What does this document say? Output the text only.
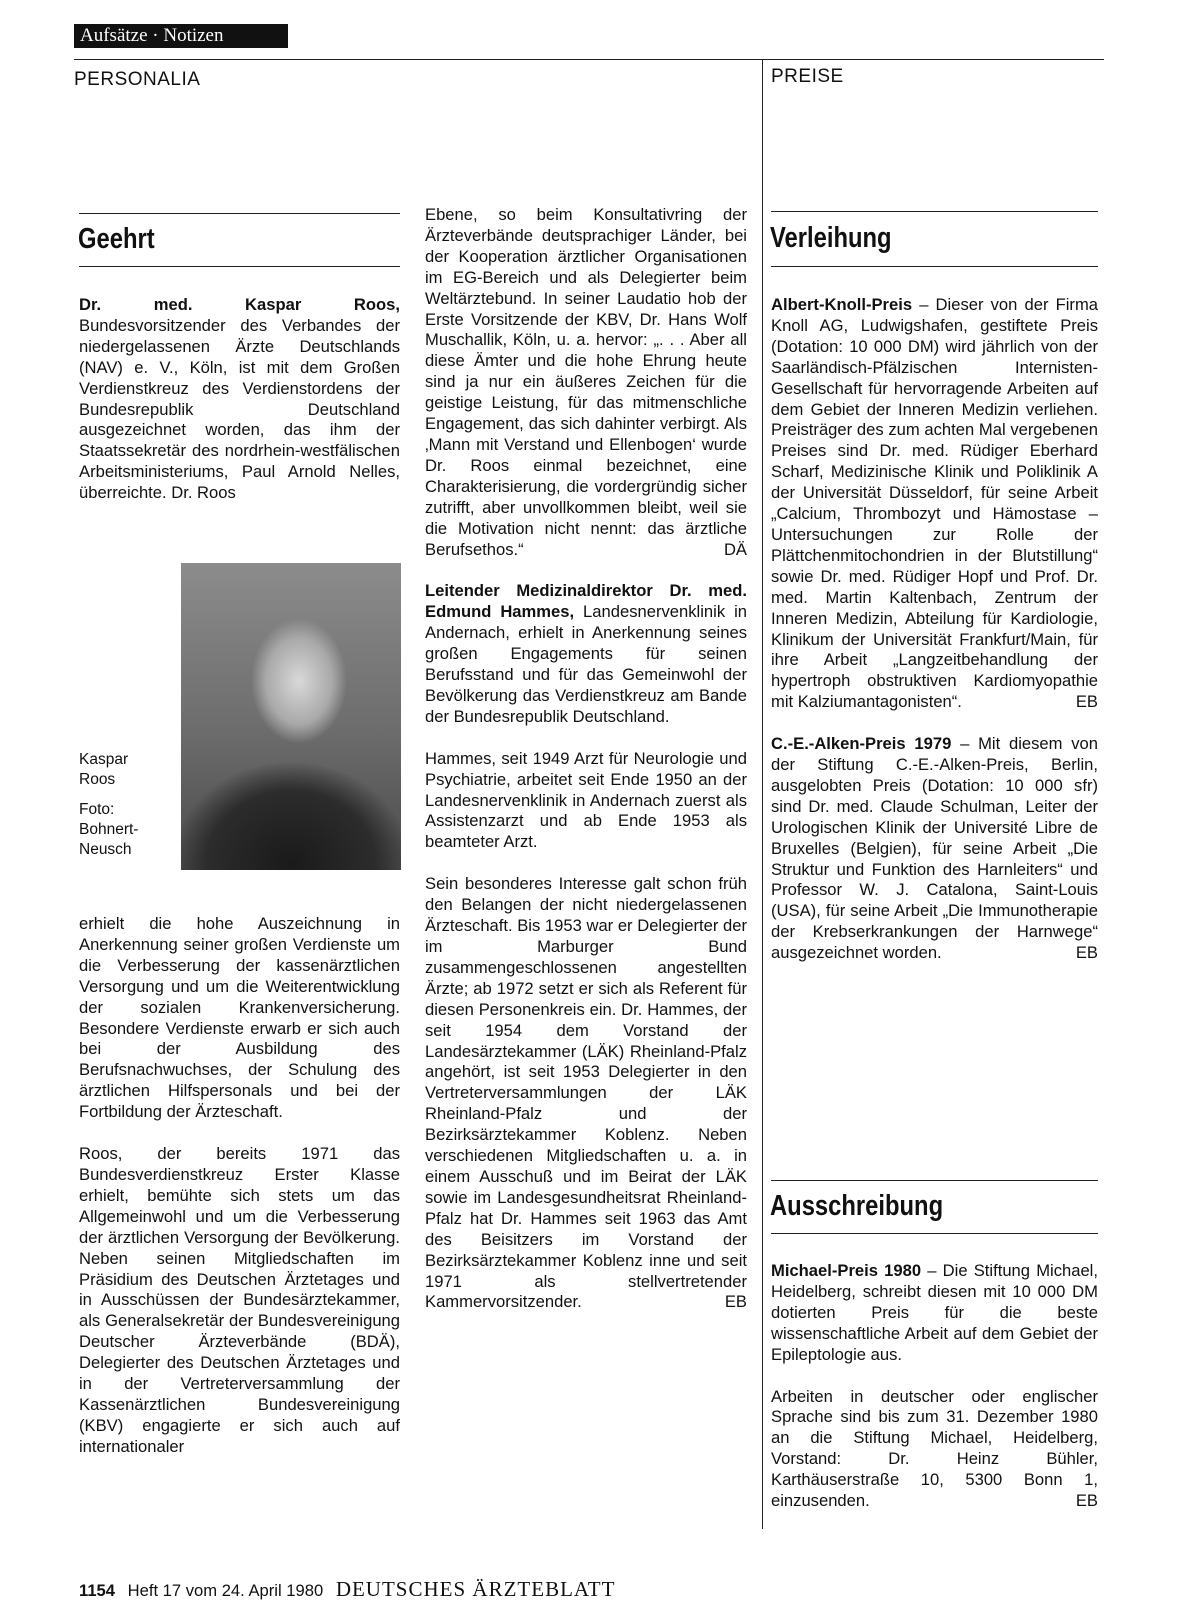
Aufsätze · Notizen
PERSONALIA	PREISE
Geehrt

Dr. med. Kaspar Roos, Bundesvorsitzender des Verbandes der niedergelassenen Ärzte Deutschlands (NAV) e. V., Köln, ist mit dem Großen Verdienstkreuz des Verdienstordens der Bundesrepublik Deutschland ausgezeichnet worden, das ihm der Staatssekretär des nordrhein-westfälischen Arbeitsministeriums, Paul Arnold Nelles, überreichte. Dr. Roos

Kaspar
Roos
Foto:
Bohnert-
Neusch

erhielt die hohe Auszeichnung in Anerkennung seiner großen Verdienste um die Verbesserung der kassenärztlichen Versorgung und um die Weiterentwicklung der sozialen Krankenversicherung. Besondere Verdienste erwarb er sich auch bei der Ausbildung des Berufsnachwuchses, der Schulung des ärztlichen Hilfspersonals und bei der Fortbildung der Ärzteschaft.

Roos, der bereits 1971 das Bundesverdienstkreuz Erster Klasse erhielt, bemühte sich stets um das Allgemeinwohl und um die Verbesserung der ärztlichen Versorgung der Bevölkerung. Neben seinen Mitgliedschaften im Präsidium des Deutschen Ärztetages und in Ausschüssen der Bundesärztekammer, als Generalsekretär der Bundesvereinigung Deutscher Ärzteverbände (BDÄ), Delegierter des Deutschen Ärztetages und in der Vertreterversammlung der Kassenärztlichen Bundesvereinigung (KBV) engagierte er sich auch auf internationaler

Ebene, so beim Konsultativring der Ärzteverbände deutsprachiger Länder, bei der Kooperation ärztlicher Organisationen im EG-Bereich und als Delegierter beim Weltärztebund. In seiner Laudatio hob der Erste Vorsitzende der KBV, Dr. Hans Wolf Muschallik, Köln, u. a. hervor: „. . . Aber all diese Ämter und die hohe Ehrung heute sind ja nur ein äußeres Zeichen für die geistige Leistung, für das mitmenschliche Engagement, das sich dahinter verbirgt. Als ‚Mann mit Verstand und Ellenbogen‘ wurde Dr. Roos einmal bezeichnet, eine Charakterisierung, die vordergründig sicher zutrifft, aber unvollkommen bleibt, weil sie die Motivation nicht nennt: das ärztliche Berufsethos.“	DÄ

Leitender Medizinaldirektor Dr. med. Edmund Hammes, Landesnervenklinik in Andernach, erhielt in Anerkennung seines großen Engagements für seinen Berufsstand und für das Gemeinwohl der Bevölkerung das Verdienstkreuz am Bande der Bundesrepublik Deutschland.

Hammes, seit 1949 Arzt für Neurologie und Psychiatrie, arbeitet seit Ende 1950 an der Landesnervenklinik in Andernach zuerst als Assistenzarzt und ab Ende 1953 als beamteter Arzt.

Sein besonderes Interesse galt schon früh den Belangen der nicht niedergelassenen Ärzteschaft. Bis 1953 war er Delegierter der im Marburger Bund zusammengeschlossenen angestellten Ärzte; ab 1972 setzt er sich als Referent für diesen Personenkreis ein. Dr. Hammes, der seit 1954 dem Vorstand der Landesärztekammer (LÄK) Rheinland-Pfalz angehört, ist seit 1953 Delegierter in den Vertreterversammlungen der LÄK Rheinland-Pfalz und der Bezirksärztekammer Koblenz. Neben verschiedenen Mitgliedschaften u. a. in einem Ausschuß und im Beirat der LÄK sowie im Landesgesundheitsrat Rheinland-Pfalz hat Dr. Hammes seit 1963 das Amt des Beisitzers im Vorstand der Bezirksärztekammer Koblenz inne und seit 1971 als stellvertretender Kammervorsitzender.	EB

Verleihung

Albert-Knoll-Preis – Dieser von der Firma Knoll AG, Ludwigshafen, gestiftete Preis (Dotation: 10 000 DM) wird jährlich von der Saarländisch-Pfälzischen Internisten-Gesellschaft für hervorragende Arbeiten auf dem Gebiet der Inneren Medizin verliehen. Preisträger des zum achten Mal vergebenen Preises sind Dr. med. Rüdiger Eberhard Scharf, Medizinische Klinik und Poliklinik A der Universität Düsseldorf, für seine Arbeit „Calcium, Thrombozyt und Hämostase – Untersuchungen zur Rolle der Plättchenmitochondrien in der Blutstillung“ sowie Dr. med. Rüdiger Hopf und Prof. Dr. med. Martin Kaltenbach, Zentrum der Inneren Medizin, Abteilung für Kardiologie, Klinikum der Universität Frankfurt/Main, für ihre Arbeit „Langzeitbehandlung der hypertroph obstruktiven Kardiomyopathie mit Kalziumantagonisten“.	EB

C.-E.-Alken-Preis 1979 – Mit diesem von der Stiftung C.-E.-Alken-Preis, Berlin, ausgelobten Preis (Dotation: 10 000 sfr) sind Dr. med. Claude Schulman, Leiter der Urologischen Klinik der Université Libre de Bruxelles (Belgien), für seine Arbeit „Die Struktur und Funktion des Harnleiters“ und Professor W. J. Catalona, Saint-Louis (USA), für seine Arbeit „Die Immunotherapie der Krebserkrankungen der Harnwege“ ausgezeichnet worden.	EB

Ausschreibung

Michael-Preis 1980 – Die Stiftung Michael, Heidelberg, schreibt diesen mit 10 000 DM dotierten Preis für die beste wissenschaftliche Arbeit auf dem Gebiet der Epileptologie aus.

Arbeiten in deutscher oder englischer Sprache sind bis zum 31. Dezember 1980 an die Stiftung Michael, Heidelberg, Vorstand: Dr. Heinz Bühler, Karthäuserstraße 10, 5300 Bonn 1, einzusenden.	EB

1154 Heft 17 vom 24. April 1980 DEUTSCHES ÄRZTEBLATT
